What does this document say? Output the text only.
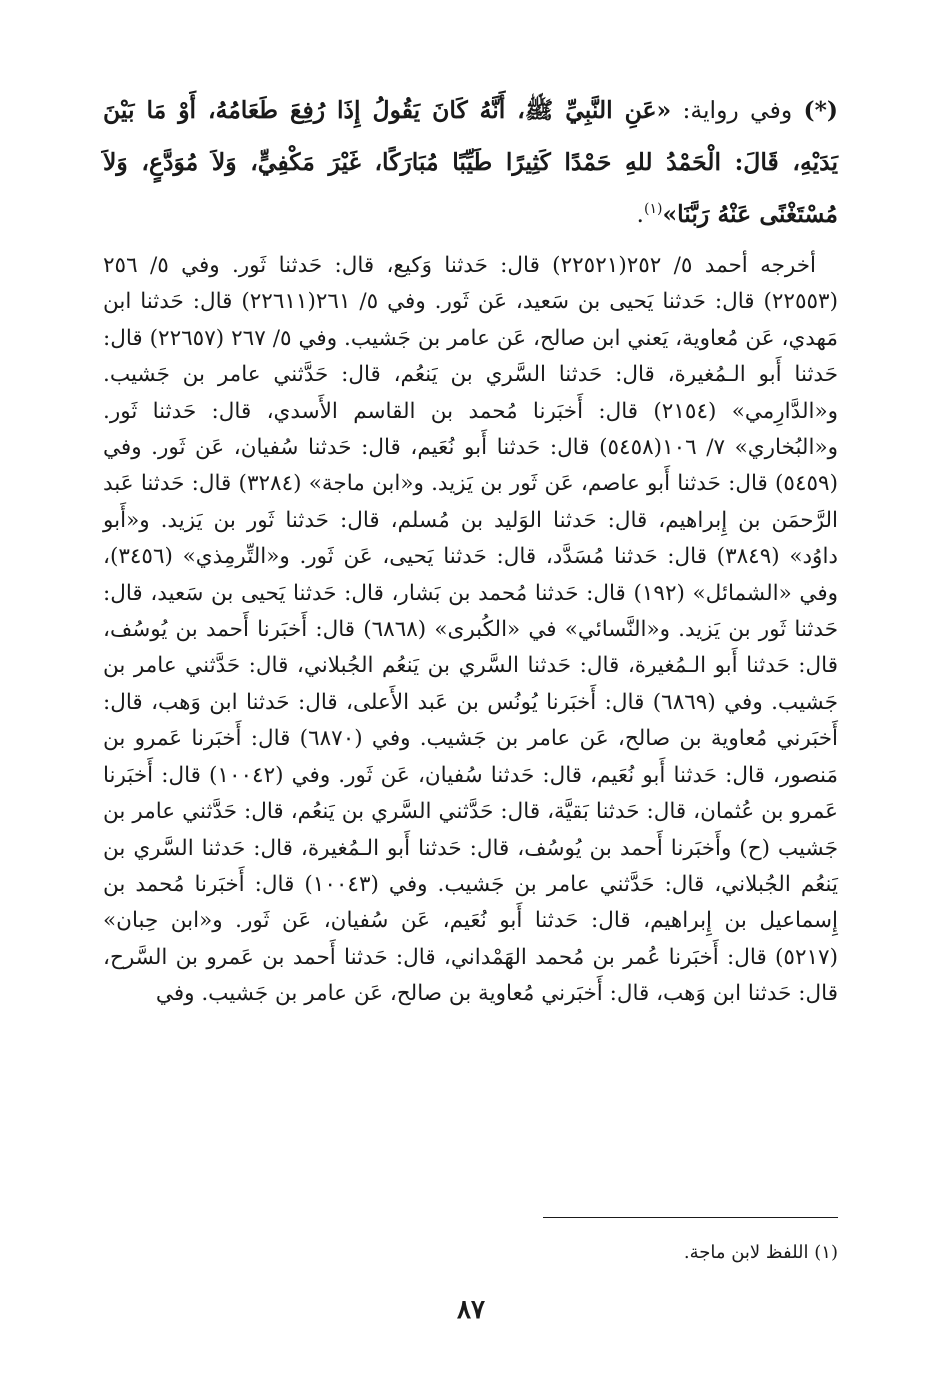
(*) وفي رواية: «عَنِ النَّبِيِّ ﷺ، أَنَّهُ كَانَ يَقُولُ إِذَا رُفِعَ طَعَامُهُ، أَوْ مَا بَيْنَ يَدَيْهِ، قَالَ: الْحَمْدُ للهِ حَمْدًا كَثِيرًا طَيِّبًا مُبَارَكًا، غَيْرَ مَكْفِيٍّ، وَلاَ مُوَدَّعٍ، وَلاَ مُسْتَغْنًى عَنْهُ رَبَّنَا»(١).
أخرجه أحمد ٥/ ٢٥٢(٢٢٥٢١) قال: حَدثنا وَكيع، قال: حَدثنا ثَور. وفي ٥/ ٢٥٦ (٢٢٥٥٣) قال: حَدثنا يَحيى بن سَعيد، عَن ثَور. وفي ٥/ ٢٦١(٢٢٦١١) قال: حَدثنا ابن مَهدي، عَن مُعاوية، يَعني ابن صالح، عَن عامر بن جَشيب. وفي ٥/ ٢٦٧ (٢٢٦٥٧) قال: حَدثنا أَبو الـمُغيرة، قال: حَدثنا السَّري بن يَنعُم، قال: حَدَّثني عامر بن جَشيب. و«الدَّارِمي» (٢١٥٤) قال: أَخبَرنا مُحمد بن القاسم الأَسدي، قال: حَدثنا ثَور. و«البُخاري» ٧/ ١٠٦(٥٤٥٨) قال: حَدثنا أَبو نُعَيم، قال: حَدثنا سُفيان، عَن ثَور. وفي (٥٤٥٩) قال: حَدثنا أَبو عاصم، عَن ثَور بن يَزيد. و«ابن ماجة» (٣٢٨٤) قال: حَدثنا عَبد الرَّحمَن بن إِبراهيم، قال: حَدثنا الوَليد بن مُسلم، قال: حَدثنا ثَور بن يَزيد. و«أَبو داوُد» (٣٨٤٩) قال: حَدثنا مُسَدَّد، قال: حَدثنا يَحيى، عَن ثَور. و«التِّرمِذي» (٣٤٥٦)، وفي «الشمائل» (١٩٢) قال: حَدثنا مُحمد بن بَشار، قال: حَدثنا يَحيى بن سَعيد، قال: حَدثنا ثَور بن يَزيد. و«النَّسائي» في «الكُبرى» (٦٨٦٨) قال: أَخبَرنا أَحمد بن يُوسُف، قال: حَدثنا أَبو الـمُغيرة، قال: حَدثنا السَّري بن يَنعُم الجُبلاني، قال: حَدَّثني عامر بن جَشيب. وفي (٦٨٦٩) قال: أَخبَرنا يُونُس بن عَبد الأَعلى، قال: حَدثنا ابن وَهب، قال: أَخبَرني مُعاوية بن صالح، عَن عامر بن جَشيب. وفي (٦٨٧٠) قال: أَخبَرنا عَمرو بن مَنصور، قال: حَدثنا أَبو نُعَيم، قال: حَدثنا سُفيان، عَن ثَور. وفي (١٠٠٤٢) قال: أَخبَرنا عَمرو بن عُثمان، قال: حَدثنا بَقيَّة، قال: حَدَّثني السَّري بن يَنعُم، قال: حَدَّثني عامر بن جَشيب (ح) وأَخبَرنا أَحمد بن يُوسُف، قال: حَدثنا أَبو الـمُغيرة، قال: حَدثنا السَّري بن يَنعُم الجُبلاني، قال: حَدَّثني عامر بن جَشيب. وفي (١٠٠٤٣) قال: أَخبَرنا مُحمد بن إِسماعيل بن إِبراهيم، قال: حَدثنا أَبو نُعَيم، عَن سُفيان، عَن ثَور. و«ابن حِبان» (٥٢١٧) قال: أَخبَرنا عُمر بن مُحمد الهَمْداني، قال: حَدثنا أَحمد بن عَمرو بن السَّرح، قال: حَدثنا ابن وَهب، قال: أَخبَرني مُعاوية بن صالح، عَن عامر بن جَشيب. وفي
(١) اللفظ لابن ماجة.
٨٧
